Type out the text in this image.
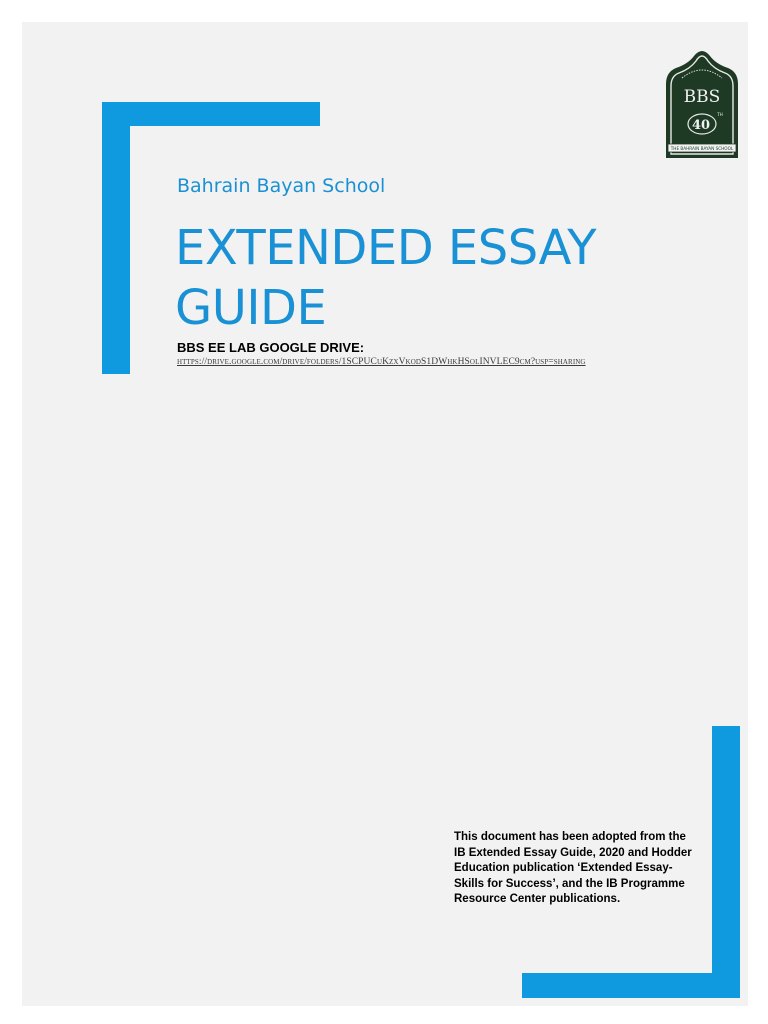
Bahrain Bayan School
EXTENDED ESSAY
GUIDE
BBS EE LAB GOOGLE DRIVE:
https://drive.google.com/drive/folders/1SCPUCuKzxVkodS1DWhkHSolINVLEC9cm?usp=sharing
This document has been adopted from the IB Extended Essay Guide, 2020 and Hodder Education publication ‘Extended Essay-Skills for Success’, and the IB Programme Resource Center publications.
BBS
40
TH
THE BAHRAIN BAYAN SCHOOL
